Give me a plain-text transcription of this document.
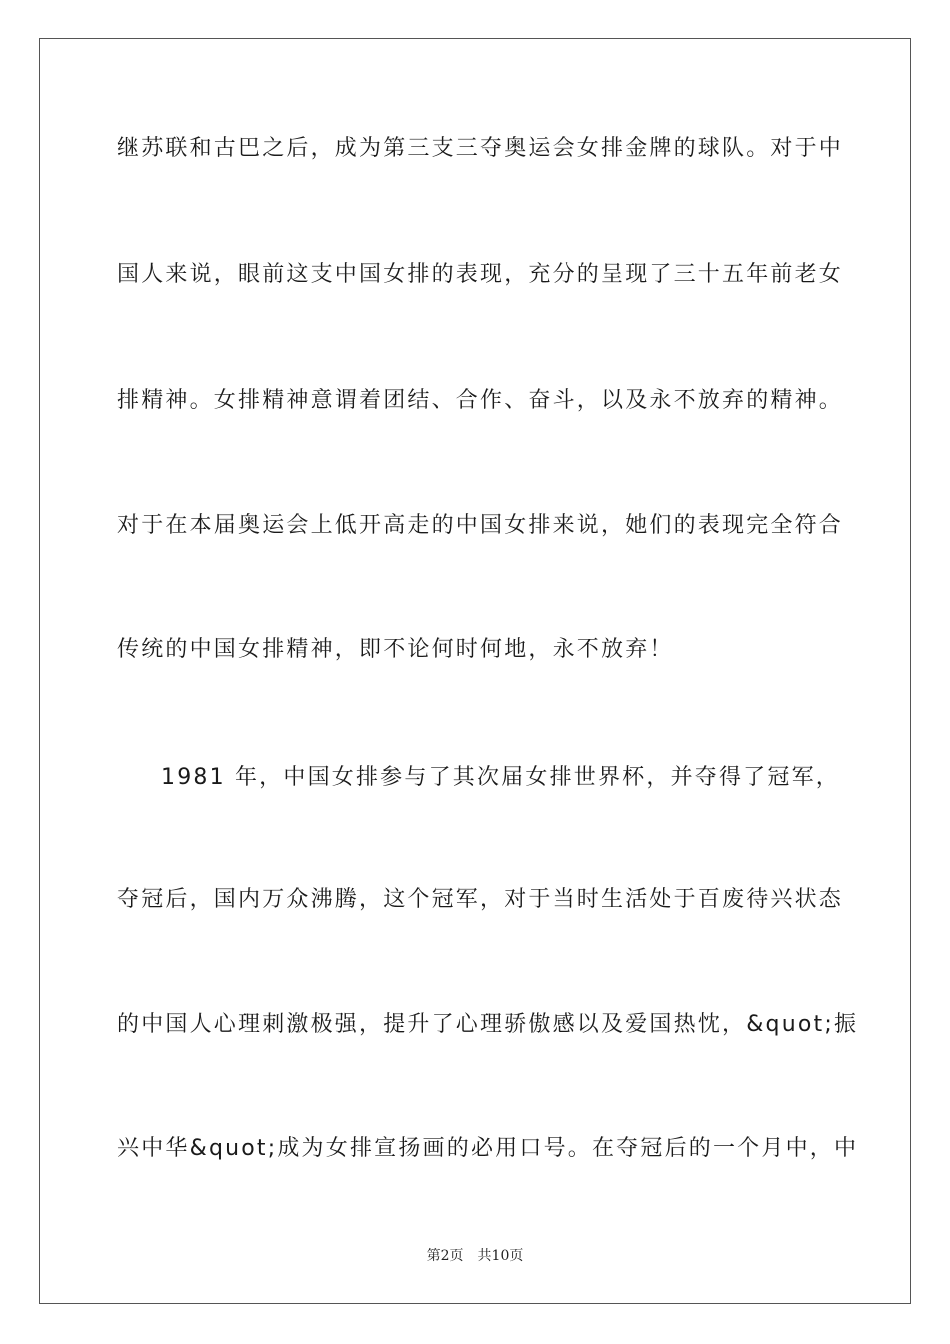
继苏联和古巴之后，成为第三支三夺奥运会女排金牌的球队。对于中
国人来说，眼前这支中国女排的表现，充分的呈现了三十五年前老女
排精神。女排精神意谓着团结、合作、奋斗，以及永不放弃的精神。
对于在本届奥运会上低开高走的中国女排来说，她们的表现完全符合
传统的中国女排精神，即不论何时何地，永不放弃！
1981 年，中国女排参与了其次届女排世界杯，并夺得了冠军，
夺冠后，国内万众沸腾，这个冠军，对于当时生活处于百废待兴状态
的中国人心理刺激极强，提升了心理骄傲感以及爱国热忱，&quot;振
兴中华&quot;成为女排宣扬画的必用口号。在夺冠后的一个月中，中
第2页 共10页
